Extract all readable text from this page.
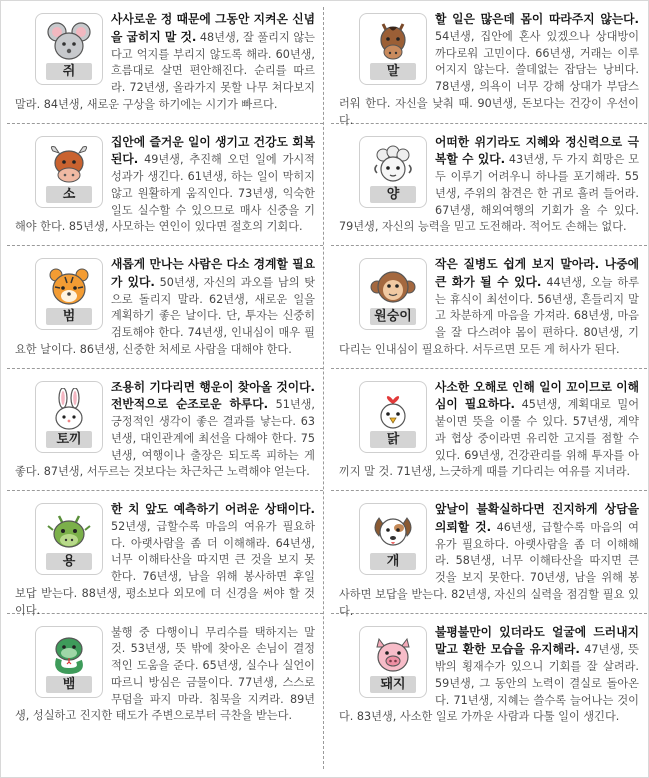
쥐

사사로운 정 때문에 그동안 지켜온 신념을 굽히지 말 것. 48년생, 잘 풀리지 않는다고 억지를 부리지 않도록 해라. 60년생, 흐름대로 살면 편안해진다. 순리를 따르라. 72년생, 올라가지 못할 나무 쳐다보지 말라. 84년생, 새로운 구상을 하기에는 시기가 빠르다.

소

집안에 즐거운 일이 생기고 건강도 회복된다. 49년생, 추진해 오던 일에 가시적 성과가 생긴다. 61년생, 하는 일이 막히지 않고 원활하게 움직인다. 73년생, 익숙한 일도 실수할 수 있으므로 매사 신중을 기해야 한다. 85년생, 사모하는 연인이 있다면 절호의 기회다.

범

새롭게 만나는 사람은 다소 경계할 필요가 있다. 50년생, 자신의 과오를 남의 탓으로 돌리지 말라. 62년생, 새로운 일을 계획하기 좋은 날이다. 단, 투자는 신중히 검토해야 한다. 74년생, 인내심이 매우 필요한 날이다. 86년생, 신중한 처세로 사람을 대해야 한다.

토끼

조용히 기다리면 행운이 찾아올 것이다. 전반적으로 순조로운 하루다. 51년생, 긍정적인 생각이 좋은 결과를 낳는다. 63년생, 대인관계에 최선을 다해야 한다. 75년생, 여행이나 출장은 되도록 피하는 게 좋다. 87년생, 서두르는 것보다는 차근차근 노력해야 얻는다.

용

한 치 앞도 예측하기 어려운 상태이다. 52년생, 급할수록 마음의 여유가 필요하다. 아랫사람을 좀 더 이해해라. 64년생, 너무 이해타산을 따지면 큰 것을 보지 못한다. 76년생, 남을 위해 봉사하면 후일 보답 받는다. 88년생, 평소보다 외모에 더 신경을 써야 할 것이다.

뱀

불행 중 다행이니 무리수를 택하지는 말 것. 53년생, 뜻 밖에 찾아온 손님이 결정적인 도움을 준다. 65년생, 실수나 실언이 따르니 방심은 금물이다. 77년생, 스스로 무덤을 파지 마라. 침묵을 지켜라. 89년생, 성실하고 진지한 태도가 주변으로부터 극찬을 받는다.

말

할 일은 많은데 몸이 따라주지 않는다. 54년생, 집안에 혼사 있겠으나 상대방이 까다로워 고민이다. 66년생, 거래는 이루어지지 않는다. 쓸데없는 잡담는 낭비다. 78년생, 의욕이 너무 강해 상대가 부담스러워 한다. 자신을 낮춰 때. 90년생, 돈보다는 건강이 우선이다.

양

어떠한 위기라도 지혜와 정신력으로 극복할 수 있다. 43년생, 두 가지 희망은 모두 이루기 어려우니 하나를 포기해라. 55년생, 주위의 참견은 한 귀로 흘려 들어라. 67년생, 해외여행의 기회가 올 수 있다. 79년생, 자신의 능력을 믿고 도전해라. 적어도 손해는 없다.

원숭이

작은 질병도 쉽게 보지 말아라. 나중에 큰 화가 될 수 있다. 44년생, 오늘 하루는 휴식이 최선이다. 56년생, 흔들리지 말고 차분하게 마음을 가져라. 68년생, 마음을 잘 다스려야 몸이 편하다. 80년생, 기다리는 인내심이 필요하다. 서두르면 모든 게 허사가 된다.

닭

사소한 오해로 인해 일이 꼬이므로 이해심이 필요하다. 45년생, 계획대로 밀어 붙이면 뜻을 이룰 수 있다. 57년생, 계약과 협상 중이라면 유리한 고지를 점할 수 있다. 69년생, 건강관리를 위해 투자를 아끼지 말 것. 71년생, 느긋하게 때를 기다리는 여유를 지녀라.

개

앞날이 불확실하다면 진지하게 상담을 의뢰할 것. 46년생, 급할수록 마음의 여유가 필요하다. 아랫사람을 좀 더 이해해라. 58년생, 너무 이해타산을 따지면 큰 것을 보지 못한다. 70년생, 남을 위해 봉사하면 보답을 받는다. 82년생, 자신의 실력을 점검할 필요 있다.

돼지

불평불만이 있더라도 얼굴에 드러내지 말고 환한 모습을 유지해라. 47년생, 뜻 밖의 횡재수가 있으니 기회를 잘 살려라. 59년생, 그 동안의 노력이 결실로 돌아온다. 71년생, 지혜는 쓸수록 늘어나는 것이다. 83년생, 사소한 일로 가까운 사람과 다툴 일이 생긴다.
